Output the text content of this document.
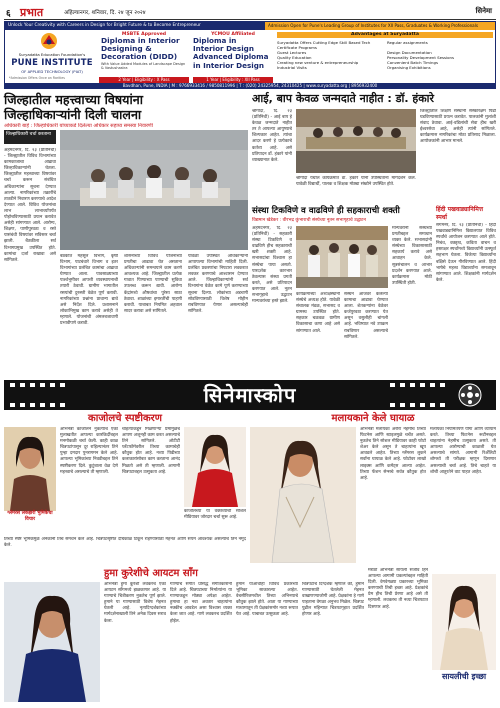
६ प्रभात	अहिल्यानगर, शनिवार, दि. २४ जून २०२४	सिनेमा
Unlock Your Creativity with Careers in Design for Bright Future & to Become Entrepreneur	Admission Open for Pune's Leading Group of Institutes for XII Pass, Graduates & Working Professionals
Suryadatta Education Foundation's
PUNE INSTITUTE
OF APPLIED TECHNOLOGY (PIAT)
MSBTE Approved
Diploma in Interior
Designing &
Decoration (DIDD)
With Value Added Modules of Landscape Design & Vastushastra
2 Year | Eligibility : X Pass
YCMOU Affiliated
Diploma in
Interior Design
Advanced Diploma
in Interior Design
1 Year | Eligibility : XII Pass
Advantages at Suryadatta
Suryadatta Offers Cutting Edge Skill Based Tech Certificate Programs
Regular assignments
Guest Lectures	Design Documentation
Quality Education	Personality Development Sessions
Creating new venture & entrepreneurship	Convenient Batch Timings
Industrial Visits	Organising Exhibitions
Bavdhan, Pune, INDIA | M : 9766933416 / 9850811996 | T : (020) 24325954, 24310425 | www.suryadatta.org | 8956932400
*Admission Offers Once on Rarities
जिल्हातील महत्त्वाच्या विषयांना
जिल्हाधिकाऱ्यांनी दिली चालना
अधिकारी बाहे : जिल्हाधिकारी यांच्याकडे दिलेल्या अधिकार सहाय्य समस्या निवारणी
जिल्हाधिकारी चर्चा करताना

अहमदनगर, दि. २३ (प्रतिनिधी) - जिल्ह्यातील विविध विभागांच्या कामकाजाचा आढावा जिल्हाधिकाऱ्यांनी घेतला. जिल्ह्यातील महत्त्वाच्या विषयांवर चर्चा करून संबंधित अधिकाऱ्यांना सूचना देण्यात आल्या. नागरिकांच्या तक्रारींचे तातडीने निवारण करण्याचे आदेश देण्यात आले. विविध योजनांचा लाभ लाभार्थ्यांपर्यंत पोहोचविण्यासाठी प्रयत्न करावेत असेही सांगण्यात आले. आरोग्य, शिक्षण, पाणीपुरवठा व रस्ते यासंबंधी विषयांवर सविस्तर चर्चा झाली. बैठकीला सर्व विभागप्रमुख उपस्थित होते. कामांचा दर्जा राखावा असे सांगितले.

बैठकीत महसूल विभाग, कृषी विभाग, पाटबंधारे विभाग व इतर विभागांच्या प्रलंबित कामांचा आढावा घेण्यात आला. पावसाळ्याच्या पार्श्वभूमीवर आपत्ती व्यवस्थापनाची तयारी ठेवावी. ग्रामीण भागातील रस्त्यांची दुरुस्ती वेळेत पूर्ण करावी. नागरिकांच्या प्रश्नांना प्राधान्य द्यावे असे निर्देश दिले. प्रशासनाने लोकाभिमुख काम करावे असेही ते म्हणाले. योजनांची अंमलबजावणी प्रभावीपणे करावी.

शासनाच्या विविध योजनांच्या प्रगतीचा आढावा घेत असताना अधिकाऱ्यांनी समन्वयाने काम करणे आवश्यक आहे. जिल्ह्यातील प्रत्येक गावात पिण्याच्या पाण्याची सुविधा उपलब्ध करून द्यावी. आरोग्य केंद्रांमध्ये औषधांचा पुरेसा साठा ठेवावा. शाळांच्या इमारतींची पाहणी करावी. याबाबत नियमित अहवाल सादर करावा असे सांगितले.

यावेळी उपस्थित अधिकाऱ्यांनी आपापल्या विभागांची माहिती दिली. प्रलंबित प्रकरणांचा निपटारा लवकरात लवकर करण्याचे आश्वासन देण्यात आले. जिल्हाधिकाऱ्यांनी सर्व विभागांना वेळेत कामे पूर्ण करण्याच्या सूचना दिल्या. लोकांच्या अडचणी सोडविण्यासाठी विशेष मोहीम राबविण्यात येणार असल्याचेही सांगितले.

आई, बाप केवळ जन्मदाते नाहीत : डॉ. हंकारे

श्रीगोंदा, दि. २३ (प्रतिनिधी) - आई बाप हे केवळ जन्मदाते नाहीत तर ते आपल्या आयुष्याचे शिल्पकार आहेत. त्यांचा आदर करणे हे प्रत्येकाचे कर्तव्य आहे. असे प्रतिपादन डॉ. हंकारे यांनी व्याख्यानात केले.

श्रीगोंदा येथील कार्यक्रमात डॉ. हंकारे यांनी उपस्थितांना मार्गदर्शन केले. यावेळी विद्यार्थी, पालक व शिक्षक मोठ्या संख्येने उपस्थित होते.

जिल्ह्यातील शिक्षण संस्थांनी संस्कारक्षम पिढी घडविण्यासाठी प्रयत्न करावेत. पालकांनी मुलांशी संवाद ठेवावा. आई-वडिलांची सेवा हीच खरी ईश्वरसेवा आहे, असेही त्यांनी सांगितले. कार्यक्रमास नागरिकांचा मोठा प्रतिसाद मिळाला. आयोजकांनी आभार मानले.

संस्था टिकविणे व वाढविणे ही सहकाराची शक्ती
विद्यमान खेडेकर : वीरभद्र कुंभाराची संस्थेच्या नूतन सभागृहाचे उद्घाटन

अहमदनगर, दि. २३ (प्रतिनिधी) - सहकारी संस्था टिकविणे व वाढविणे हीच सहकाराची खरी शक्ती आहे. सभासदांचा विश्वास हा संस्थेचा पाया असतो. पारदर्शक कारभार ठेवल्यास संस्था प्रगती करते, असे प्रतिपादन करण्यात आले. नूतन सभागृहाचे उद्घाटन मान्यवरांच्या हस्ते झाले.

कार्यक्रमाच्या अध्यक्षस्थानी संस्थेचे अध्यक्ष होते. यावेळी संचालक मंडळ, सभासद व ग्रामस्थ उपस्थित होते. सहकार चळवळ ग्रामीण विकासाचा कणा आहे असे सांगण्यात आले.

संस्थेने आजवर केलेल्या कामाचा आढावा घेण्यात आला. शेतकऱ्यांना वेळेवर कर्जपुरवठा करण्यात येत असून वसुलीही चांगली आहे. भविष्यात नवे उपक्रम राबविणार असल्याचे सांगितले.

मान्यवरांनी संस्थेच्या प्रगतीबद्दल समाधान व्यक्त केले. सभासदांनी संस्थेच्या विकासासाठी सहकार्य करावे असे आवाहन केले. सूत्रसंचालन व आभार प्रदर्शन करण्यात आले. कार्यक्रमास मोठी उपस्थिती होती.

हिंदी पखवाड्यानिमित्त स्पर्धा

संगमनेर, दि. २३ (प्रतिनिधी) - हिंदी पखवाड्यानिमित्त विद्यालयात विविध स्पर्धांचे आयोजन करण्यात आले होते. निबंध, वक्तृत्व, कविता वाचन व हस्ताक्षर स्पर्धांमध्ये विद्यार्थ्यांनी उत्स्फूर्त सहभाग घेतला. विजेत्या विद्यार्थ्यांना बक्षिसे देऊन गौरविण्यात आले. हिंदी भाषेचे महत्त्व विद्यार्थ्यांना समजावून सांगण्यात आले. शिक्षकांनी मार्गदर्शन केले.

सिनेमास्कोप
काजोलचे स्पष्टीकरण
ग्लॅमरस लकझरी भुमिकेचा विचार

अभिनेत्री काजोलने नुकत्याच एका मुलाखतीत आपल्या कारकिर्दीबद्दल मनमोकळी चर्चा केली. काही काळ चित्रपटांपासून दूर राहिल्यानंतर तिने पुन्हा दमदार पुनरागमन केले आहे. आपल्या भूमिकांच्या निवडीबद्दल तिने स्पष्टीकरण दिले. कुटुंबाला वेळ देणे महत्त्वाचे असल्याचे ती म्हणाली.

चाहत्यांकडून मिळणाऱ्या प्रेमामुळेच आपण अजूनही काम करत असल्याचे तिने सांगितले. ओटीटी प्लॅटफॉर्मवरील तिच्या कामाचेही कौतुक होत आहे. नव्या पिढीच्या कलाकारांसोबत काम करताना आनंद मिळतो असे ती म्हणाली. आगामी चित्रपटाबद्दल उत्सुकता आहे.

काजोलच्या या वक्तव्याची सोशल मीडियावर जोरदार चर्चा सुरू आहे.

तिच्या स्पष्ट भूमिकेमुळे अनेकांनी तिचे समर्थन केले आहे. चित्रपटसृष्टीत दीर्घकाळ टिकून राहण्यासाठी मेहनत आणि संयम आवश्यक असल्याचे तिने नमूद केले.

मलायकाने केले घायाळ

अभिनेत्री मलायका अरोरा नेहमीच तिच्या फिटनेस आणि स्टाइलमुळे चर्चेत असते. नुकतेच तिने सोशल मीडियावर काही फोटो शेअर केले असून ते चाहत्यांना खूप आवडले आहेत. तिच्या ग्लॅमरस लुकने सर्वांना घायाळ केले आहे. फोटोवर लाखो लाइक्स आणि कमेंट्स आल्या आहेत. तिच्या फॅशन सेन्सचे सर्वत्र कौतुक होत आहे.

मलायका नियमितपणे योगा आणि व्यायाम करते. तिच्या फिटनेस रूटीनबद्दल चाहत्यांना नेहमीच उत्सुकता असते. ती आपल्या आरोग्याची काळजी घेत असल्याचे सांगते. आगामी रिॲलिटी शोमध्ये ती परीक्षक म्हणून दिसणार असल्याची चर्चा आहे. तिचे चाहते या शोची आतुरतेने वाट पाहत आहेत.

हुमा कुरेशीचे आयटम सॉंग

अभिनेत्री हुमा कुरेशी लवकरच एका आयटम सॉंगमध्ये झळकणार आहे. या गाण्याचे चित्रीकरण नुकतेच पूर्ण झाले. हुमाने या गाण्यासाठी विशेष मेहनत घेतली आहे. नृत्यदिग्दर्शकांच्या मार्गदर्शनाखाली तिने अनेक दिवस सराव केला.

गाण्याचे संगीत प्रसिद्ध संगीतकारांनी दिले आहे. चित्रपटाच्या निर्मात्यांना या गाण्याकडून मोठ्या अपेक्षा आहेत. हुमाचा हा नवा अवतार चाहत्यांना नक्कीच आवडेल असा विश्वास व्यक्त केला जात आहे. गाणे लवकरच प्रदर्शित होईल.

हुमाने याआधीही विविध प्रकारच्या भूमिका साकारल्या आहेत. वेबसीरिजमधील तिच्या अभिनयाचे कौतुक झाले होते. आता या गाण्याच्या माध्यमातून ती प्रेक्षकांसमोर नव्या रूपात येत आहे. याबाबत उत्सुकता आहे.

चित्रपटाचे दिग्दर्शक म्हणाले की, हुमाने गाण्यासाठी घेतलेली मेहनत वाखाणण्याजोगी आहे. प्रेक्षकांना हे गाणे पाहताना वेगळा अनुभव मिळेल. चित्रपट पुढील महिन्यात चित्रपटगृहात प्रदर्शित होणार आहे.

मराठी अभिनेत्री सायली संजीव हिने आपल्या आगामी प्रकल्पांबद्दल माहिती दिली. वेगवेगळ्या प्रकारच्या भूमिका करण्याची तिची इच्छा आहे. प्रेक्षकांचे प्रेम हीच तिची प्रेरणा आहे असे ती म्हणाली. लवकरच ती नव्या चित्रपटात दिसणार आहे.

सायलीची इच्छा
